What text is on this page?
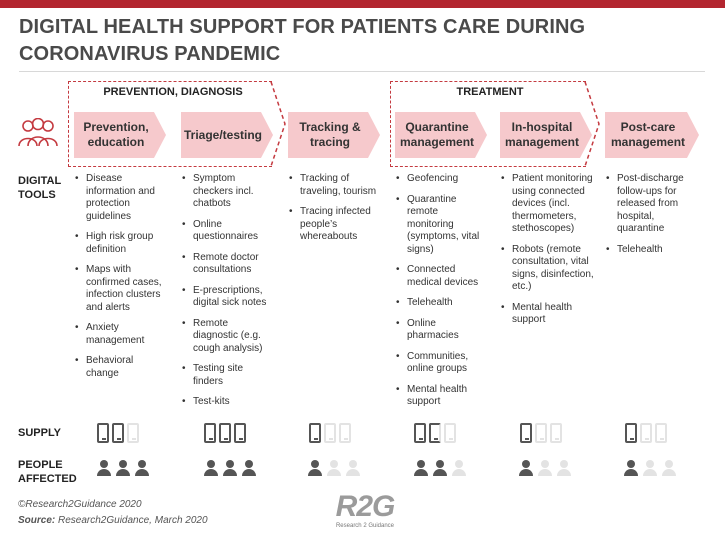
DIGITAL HEALTH SUPPORT FOR PATIENTS CARE DURING CORONAVIRUS PANDEMIC
PREVENTION, DIAGNOSIS	TREATMENT
Prevention, education
Triage/testing
Tracking & tracing
Quarantine management
In-hospital management
Post-care management
DIGITAL TOOLS
SUPPLY
PEOPLE AFFECTED
• Disease information and protection guidelines
• High risk group definition
• Maps with confirmed cases, infection clusters and alerts
• Anxiety management
• Behavioral change
• Symptom checkers incl. chatbots
• Online questionnaires
• Remote doctor consultations
• E-prescriptions, digital sick notes
• Remote diagnostic (e.g. cough analysis)
• Testing site finders
• Test-kits
• Tracking of traveling, tourism
• Tracing infected people’s whereabouts
• Geofencing
• Quarantine remote monitoring (symptoms, vital signs)
• Connected medical devices
• Telehealth
• Online pharmacies
• Communities, online groups
• Mental health support
• Patient monitoring using connected devices (incl. thermometers, stethoscopes)
• Robots (remote consultation, vital signs, disinfection, etc.)
• Mental health support
• Post-discharge follow-ups for released from hospital, quarantine
• Telehealth
©Research2Guidance 2020
Source: Research2Guidance, March 2020	R2G
Research 2 Guidance
